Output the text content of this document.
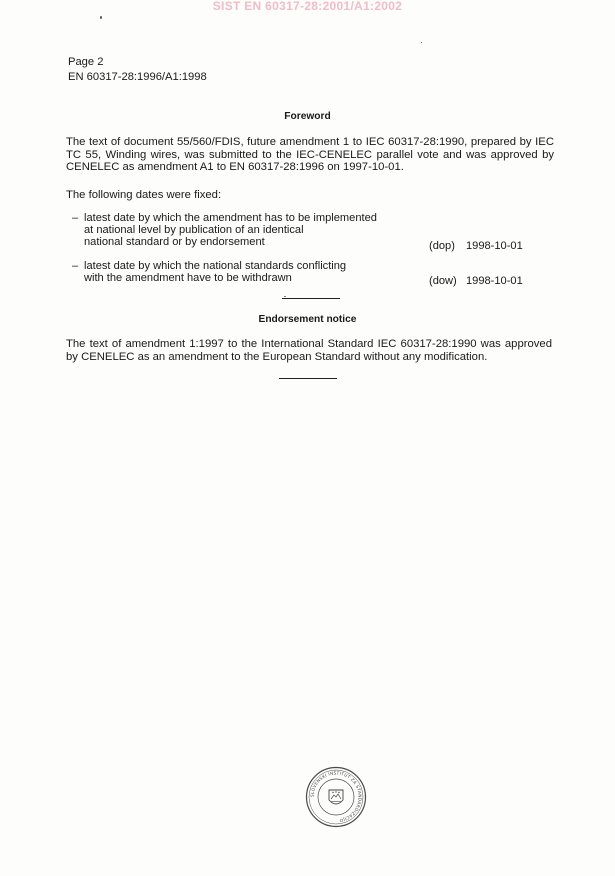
SIST EN 60317-28:2001/A1:2002
Page 2
EN 60317-28:1996/A1:1998
Foreword
The text of document 55/560/FDIS, future amendment 1 to IEC 60317-28:1990, prepared by IEC TC 55, Winding wires, was submitted to the IEC-CENELEC parallel vote and was approved by CENELEC as amendment A1 to EN 60317-28:1996 on 1997-10-01.
The following dates were fixed:
– latest date by which the amendment has to be implemented
at national level by publication of an identical
national standard or by endorsement	(dop) 1998-10-01
– latest date by which the national standards conflicting
with the amendment have to be withdrawn	(dow) 1998-10-01
Endorsement notice
The text of amendment 1:1997 to the International Standard IEC 60317-28:1990 was approved by CENELEC as an amendment to the European Standard without any modification.
SLOVENSKI INŠTITUT ZA STANDARDIZACIJO
